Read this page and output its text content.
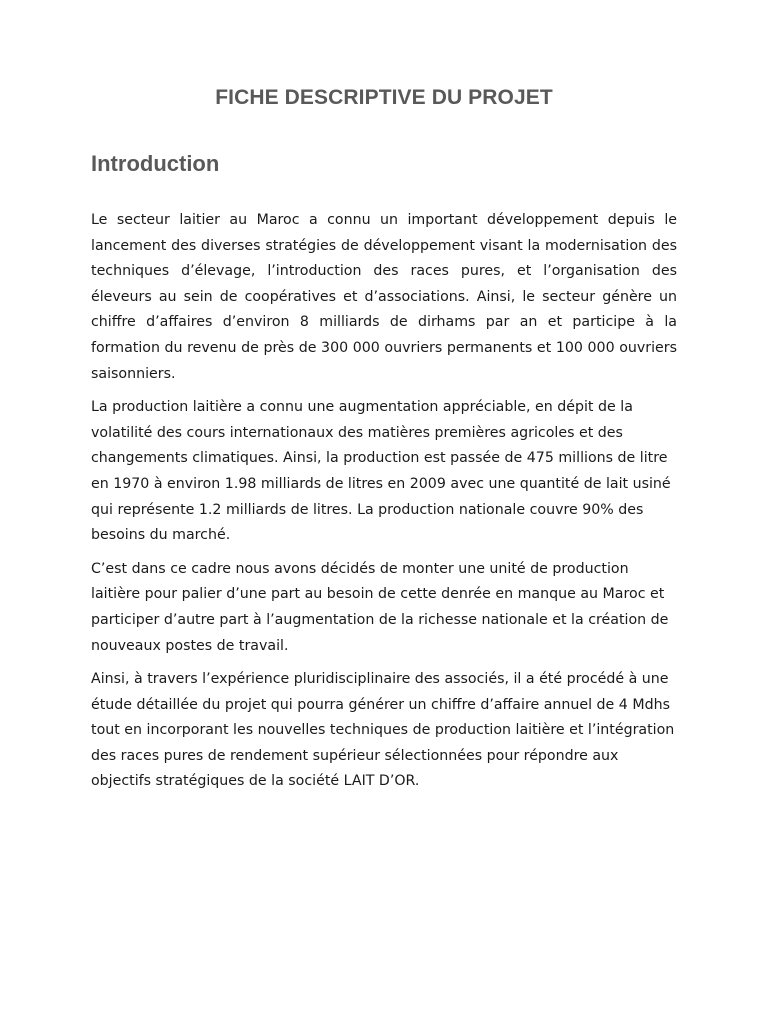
FICHE DESCRIPTIVE DU PROJET
Introduction

Le secteur laitier au Maroc a connu un important développement depuis le lancement des diverses stratégies de développement visant la modernisation des techniques d’élevage, l’introduction des races pures, et l’organisation des éleveurs au sein de coopératives et d’associations. Ainsi, le secteur génère un chiffre d’affaires d’environ 8 milliards de dirhams par an et participe à la formation du revenu de près de 300 000 ouvriers permanents et 100 000 ouvriers saisonniers.

La production laitière a connu une augmentation appréciable, en dépit de la volatilité des cours internationaux des matières premières agricoles et des changements climatiques. Ainsi, la production est passée de 475 millions de litre en 1970 à environ 1.98 milliards de litres en 2009 avec une quantité de lait usiné qui représente 1.2 milliards de litres. La production nationale couvre 90% des besoins du marché.

C’est dans ce cadre nous avons décidés de monter une unité de production laitière pour palier d’une part au besoin de cette denrée en manque au Maroc et participer d’autre part à l’augmentation de la richesse nationale et la création de nouveaux postes de travail.

Ainsi, à travers l’expérience pluridisciplinaire des associés, il a été procédé à une étude détaillée du projet qui pourra générer un chiffre d’affaire annuel de 4 Mdhs tout en incorporant les nouvelles techniques de production laitière et l’intégration des races pures de rendement supérieur sélectionnées pour répondre aux objectifs stratégiques de la société LAIT D’OR.
